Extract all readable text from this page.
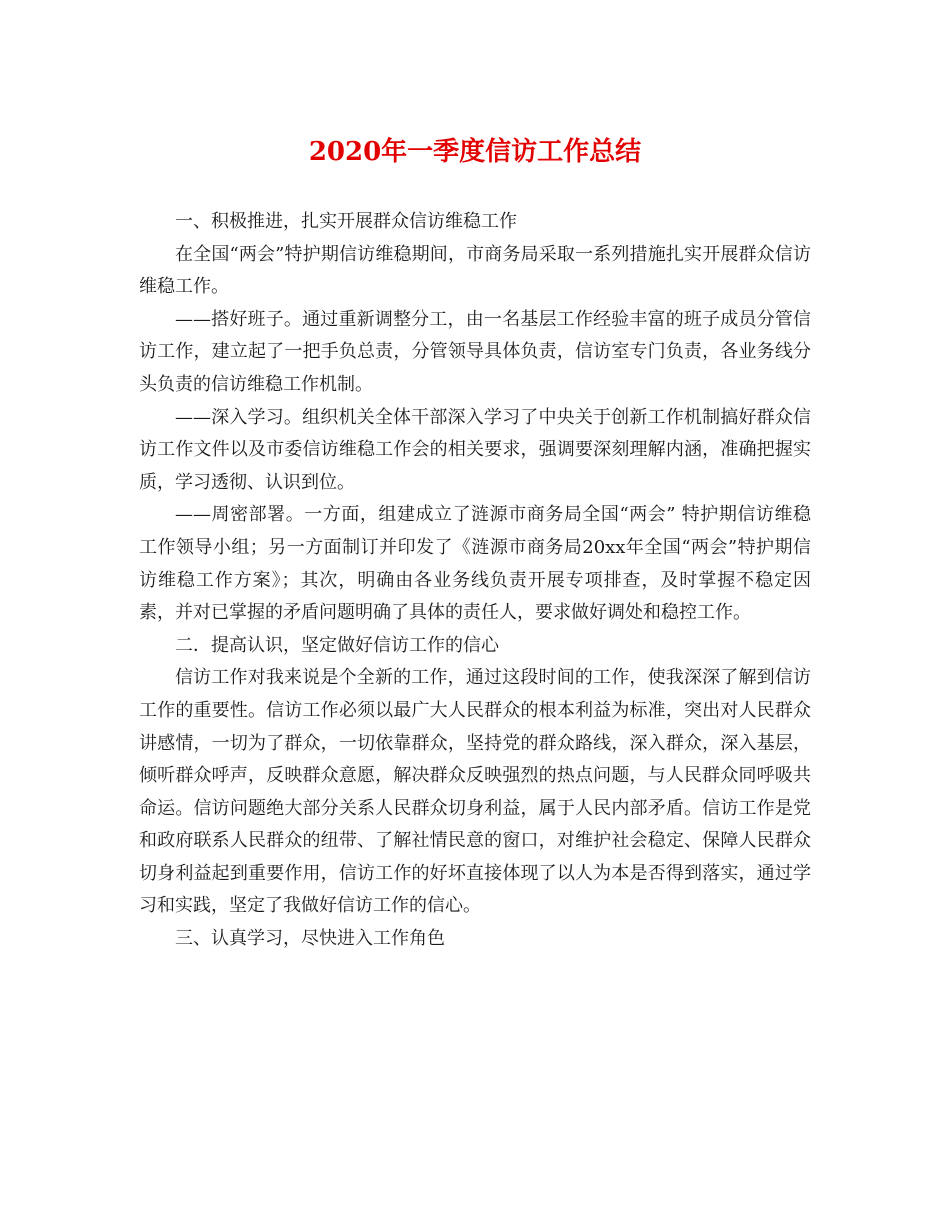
2020年一季度信访工作总结

一、积极推进，扎实开展群众信访维稳工作

在全国“两会”特护期信访维稳期间，市商务局采取一系列措施扎实开展群众信访维稳工作。

——搭好班子。通过重新调整分工，由一名基层工作经验丰富的班子成员分管信访工作，建立起了一把手负总责，分管领导具体负责，信访室专门负责，各业务线分头负责的信访维稳工作机制。

——深入学习。组织机关全体干部深入学习了中央关于创新工作机制搞好群众信访工作文件以及市委信访维稳工作会的相关要求，强调要深刻理解内涵，准确把握实质，学习透彻、认识到位。

——周密部署。一方面，组建成立了涟源市商务局全国“两会” 特护期信访维稳工作领导小组；另一方面制订并印发了《涟源市商务局20xx年全国“两会”特护期信访维稳工作方案》；其次，明确由各业务线负责开展专项排查，及时掌握不稳定因素，并对已掌握的矛盾问题明确了具体的责任人，要求做好调处和稳控工作。

二．提高认识，坚定做好信访工作的信心

信访工作对我来说是个全新的工作，通过这段时间的工作，使我深深了解到信访工作的重要性。信访工作必须以最广大人民群众的根本利益为标准，突出对人民群众讲感情，一切为了群众，一切依靠群众，坚持党的群众路线，深入群众，深入基层，倾听群众呼声，反映群众意愿，解决群众反映强烈的热点问题，与人民群众同呼吸共命运。信访问题绝大部分关系人民群众切身利益，属于人民内部矛盾。信访工作是党和政府联系人民群众的纽带、了解社情民意的窗口，对维护社会稳定、保障人民群众切身利益起到重要作用，信访工作的好坏直接体现了以人为本是否得到落实，通过学习和实践，坚定了我做好信访工作的信心。

三、认真学习，尽快进入工作角色
